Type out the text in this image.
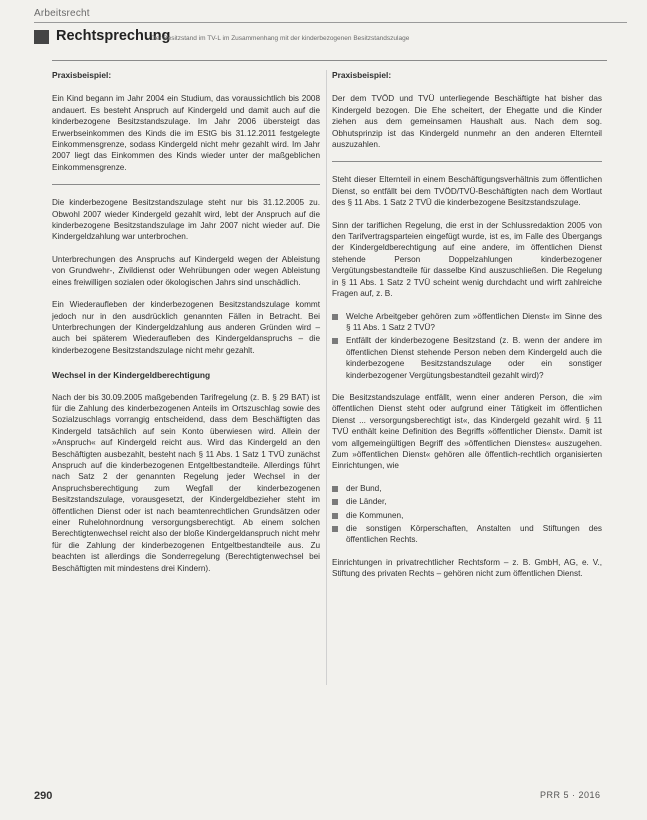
Arbeitsrecht
Rechtsprechung
Der Besitzstand im TV-L im Zusammenhang mit der kinderbezogenen Besitzstandszulage
Praxisbeispiel:

Ein Kind begann im Jahr 2004 ein Studium, das voraussichtlich bis 2008 andauert. Es besteht Anspruch auf Kindergeld und damit auch auf die kinderbezogene Besitzstandszulage. Im Jahr 2006 übersteigt das Erwerbseinkommen des Kinds die im EStG bis 31.12.2011 festgelegte Einkommensgrenze, sodass Kindergeld nicht mehr gezahlt wird. Im Jahr 2007 liegt das Einkommen des Kinds wieder unter der maßgeblichen Einkommensgrenze.

Die kinderbezogene Besitzstandszulage steht nur bis 31.12.2005 zu. Obwohl 2007 wieder Kindergeld gezahlt wird, lebt der Anspruch auf die kinderbezogene Besitzstandszulage im Jahr 2007 nicht wieder auf. Die Kindergeldzahlung war unterbrochen.

Unterbrechungen des Anspruchs auf Kindergeld wegen der Ableistung von Grundwehr-, Zivildienst oder Wehrübungen oder wegen Ableistung eines freiwilligen sozialen oder ökologischen Jahrs sind unschädlich.

Ein Wiederaufleben der kinderbezogenen Besitzstandszulage kommt jedoch nur in den ausdrücklich genannten Fällen in Betracht. Bei Unterbrechungen der Kindergeldzahlung aus anderen Gründen wird – auch bei späterem Wiederaufleben des Kindergeldanspruchs – die kinderbezogene Besitzstandszulage nicht mehr gezahlt.

Wechsel in der Kindergeldberechtigung

Nach der bis 30.09.2005 maßgebenden Tarifregelung (z. B. § 29 BAT) ist für die Zahlung des kinderbezogenen Anteils im Ortszuschlag sowie des Sozialzuschlags vorrangig entscheidend, dass dem Beschäftigten das Kindergeld tatsächlich auf sein Konto überwiesen wird. Allein der »Anspruch« auf Kindergeld reicht aus. Wird das Kindergeld an den Beschäftigten ausbezahlt, besteht nach § 11 Abs. 1 Satz 1 TVÜ zunächst Anspruch auf die kinderbezogenen Entgeltbestandteile. Allerdings führt nach Satz 2 der genannten Regelung jeder Wechsel in der Anspruchsberechtigung zum Wegfall der kinderbezogenen Besitzstandszulage, vorausgesetzt, der Kindergeldbezieher steht im öffentlichen Dienst oder ist nach beamtenrechtlichen Grundsätzen oder einer Ruhelohnordnung versorgungsberechtigt. Ab einem solchen Berechtigtenwechsel reicht also der bloße Kindergeldanspruch nicht mehr für die Zahlung der kinderbezogenen Entgeltbestandteile aus. Zu beachten ist allerdings die Sonderregelung (Berechtigtenwechsel bei Beschäftigten mit mindestens drei Kindern).

Praxisbeispiel:

Der dem TVÖD und TVÜ unterliegende Beschäftigte hat bisher das Kindergeld bezogen. Die Ehe scheitert, der Ehegatte und die Kinder ziehen aus dem gemeinsamen Haushalt aus. Nach dem sog. Obhutsprinzip ist das Kindergeld nunmehr an den anderen Elternteil auszuzahlen.

Steht dieser Elternteil in einem Beschäftigungsverhältnis zum öffentlichen Dienst, so entfällt bei dem TVÖD/TVÜ-Beschäftigten nach dem Wortlaut des § 11 Abs. 1 Satz 2 TVÜ die kinderbezogene Besitzstandszulage.

Sinn der tariflichen Regelung, die erst in der Schlussredaktion 2005 von den Tarifvertragsparteien eingefügt wurde, ist es, im Falle des Übergangs der Kindergeldberechtigung auf eine andere, im öffentlichen Dienst stehende Person Doppelzahlungen kinderbezogener Vergütungsbestandteile für dasselbe Kind auszuschließen. Die Regelung in § 11 Abs. 1 Satz 2 TVÜ scheint wenig durchdacht und wirft zahlreiche Fragen auf, z. B.

Welche Arbeitgeber gehören zum »öffentlichen Dienst« im Sinne des § 11 Abs. 1 Satz 2 TVÜ?
Entfällt der kinderbezogene Besitzstand (z. B. wenn der andere im öffentlichen Dienst stehende Person neben dem Kindergeld auch die kinderbezogene Besitzstandszulage oder ein sonstiger kinderbezogener Vergütungsbestandteil gezahlt wird)?

Die Besitzstandszulage entfällt, wenn einer anderen Person, die »im öffentlichen Dienst steht oder aufgrund einer Tätigkeit im öffentlichen Dienst ... versorgungsberechtigt ist«, das Kindergeld gezahlt wird. § 11 TVÜ enthält keine Definition des Begriffs »öffentlicher Dienst«. Damit ist vom allgemeingültigen Begriff des »öffentlichen Dienstes« auszugehen. Zum »öffentlichen Dienst« gehören alle öffentlich-rechtlich organisierten Einrichtungen, wie

der Bund,
die Länder,
die Kommunen,
die sonstigen Körperschaften, Anstalten und Stiftungen des öffentlichen Rechts.

Einrichtungen in privatrechtlicher Rechtsform – z. B. GmbH, AG, e. V., Stiftung des privaten Rechts – gehören nicht zum öffentlichen Dienst.

290	PRR 5 · 2016
